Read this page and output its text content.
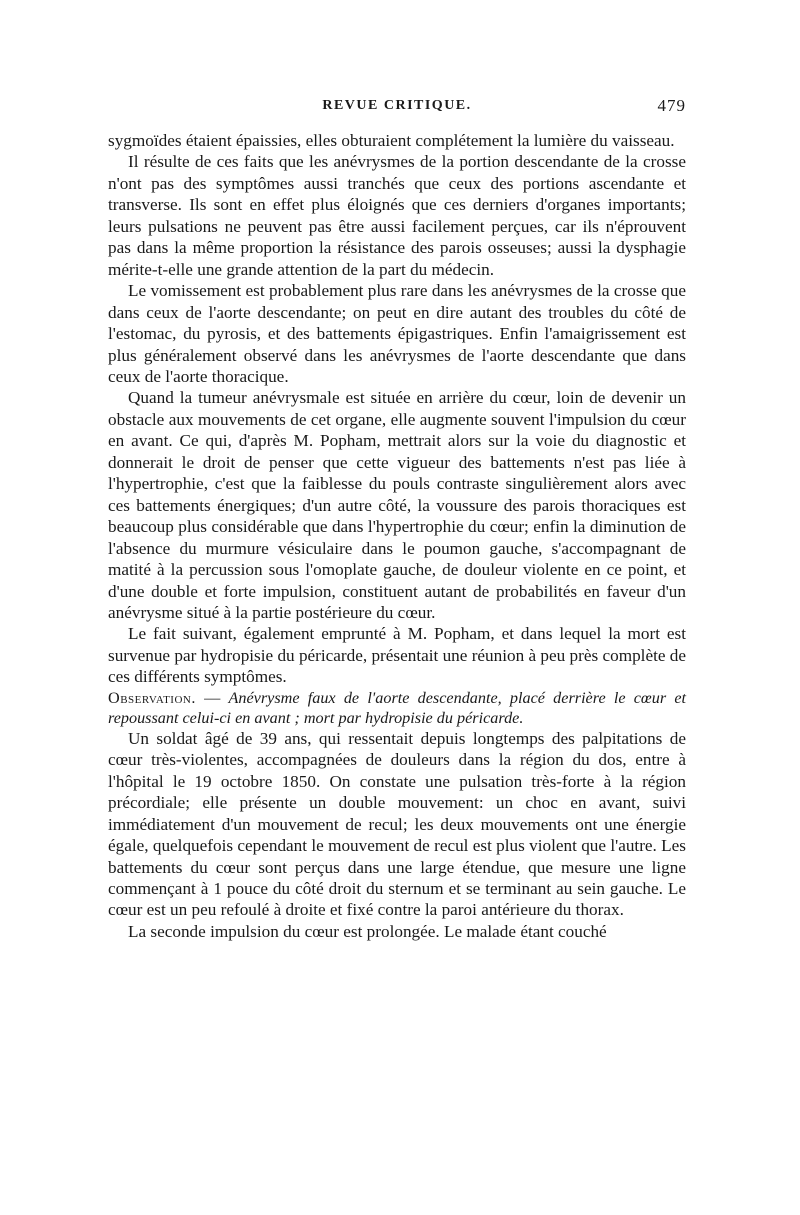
REVUE CRITIQUE.	479

sygmoïdes étaient épaissies, elles obturaient complétement la lumière du vaisseau.

Il résulte de ces faits que les anévrysmes de la portion descendante de la crosse n'ont pas des symptômes aussi tranchés que ceux des portions ascendante et transverse. Ils sont en effet plus éloignés que ces derniers d'organes importants; leurs pulsations ne peuvent pas être aussi facilement perçues, car ils n'éprouvent pas dans la même proportion la résistance des parois osseuses; aussi la dysphagie mérite-t-elle une grande attention de la part du médecin.

Le vomissement est probablement plus rare dans les anévrysmes de la crosse que dans ceux de l'aorte descendante; on peut en dire autant des troubles du côté de l'estomac, du pyrosis, et des battements épigastriques. Enfin l'amaigrissement est plus généralement observé dans les anévrysmes de l'aorte descendante que dans ceux de l'aorte thoracique.

Quand la tumeur anévrysmale est située en arrière du cœur, loin de devenir un obstacle aux mouvements de cet organe, elle augmente souvent l'impulsion du cœur en avant. Ce qui, d'après M. Popham, mettrait alors sur la voie du diagnostic et donnerait le droit de penser que cette vigueur des battements n'est pas liée à l'hypertrophie, c'est que la faiblesse du pouls contraste singulièrement alors avec ces battements énergiques; d'un autre côté, la voussure des parois thoraciques est beaucoup plus considérable que dans l'hypertrophie du cœur; enfin la diminution de l'absence du murmure vésiculaire dans le poumon gauche, s'accompagnant de matité à la percussion sous l'omoplate gauche, de douleur violente en ce point, et d'une double et forte impulsion, constituent autant de probabilités en faveur d'un anévrysme situé à la partie postérieure du cœur.

Le fait suivant, également emprunté à M. Popham, et dans lequel la mort est survenue par hydropisie du péricarde, présentait une réunion à peu près complète de ces différents symptômes.

Observation. — Anévrysme faux de l'aorte descendante, placé derrière le cœur et repoussant celui-ci en avant ; mort par hydropisie du péricarde.

Un soldat âgé de 39 ans, qui ressentait depuis longtemps des palpitations de cœur très-violentes, accompagnées de douleurs dans la région du dos, entre à l'hôpital le 19 octobre 1850. On constate une pulsation très-forte à la région précordiale; elle présente un double mouvement: un choc en avant, suivi immédiatement d'un mouvement de recul; les deux mouvements ont une énergie égale, quelquefois cependant le mouvement de recul est plus violent que l'autre. Les battements du cœur sont perçus dans une large étendue, que mesure une ligne commençant à 1 pouce du côté droit du sternum et se terminant au sein gauche. Le cœur est un peu refoulé à droite et fixé contre la paroi antérieure du thorax.

La seconde impulsion du cœur est prolongée. Le malade étant couché
